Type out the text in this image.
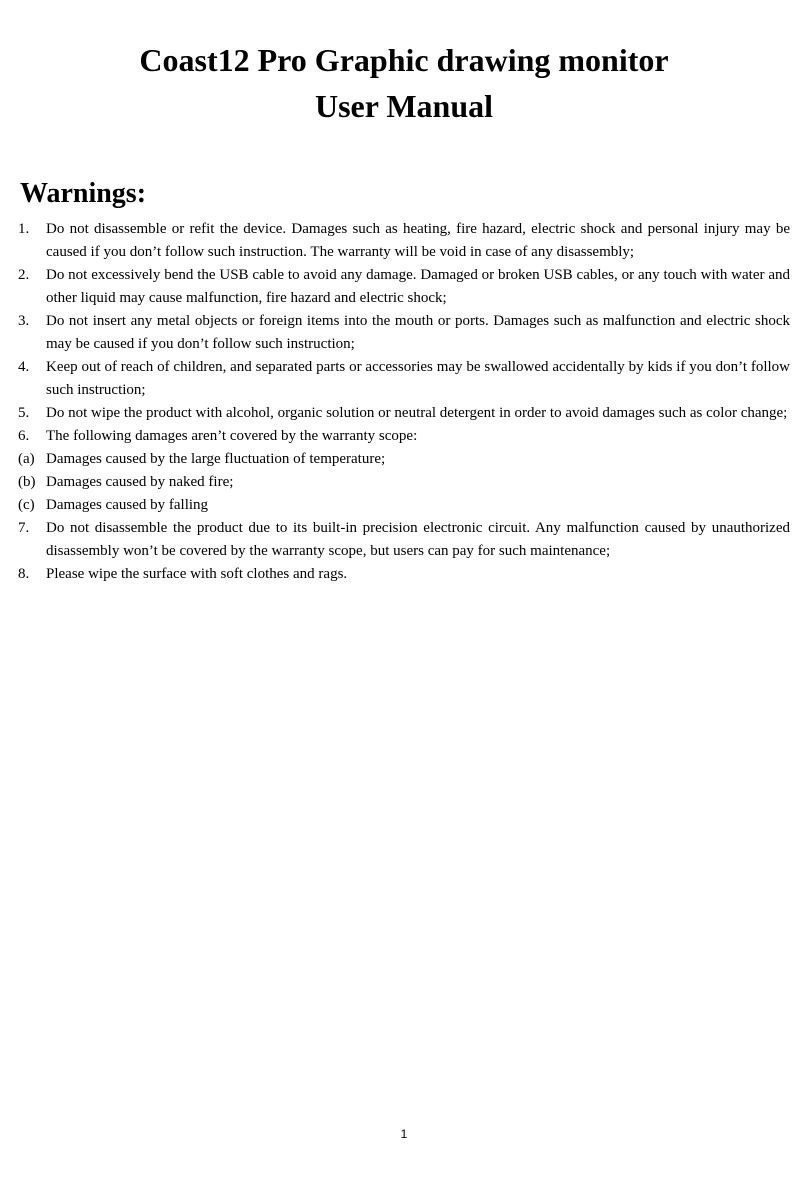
Coast12 Pro Graphic drawing monitor
User Manual
Warnings:
1. Do not disassemble or refit the device. Damages such as heating, fire hazard, electric shock and personal injury may be caused if you don’t follow such instruction. The warranty will be void in case of any disassembly;
2. Do not excessively bend the USB cable to avoid any damage. Damaged or broken USB cables, or any touch with water and other liquid may cause malfunction, fire hazard and electric shock;
3. Do not insert any metal objects or foreign items into the mouth or ports. Damages such as malfunction and electric shock may be caused if you don’t follow such instruction;
4. Keep out of reach of children, and separated parts or accessories may be swallowed accidentally by kids if you don’t follow such instruction;
5. Do not wipe the product with alcohol, organic solution or neutral detergent in order to avoid damages such as color change;
6. The following damages aren’t covered by the warranty scope:
(a) Damages caused by the large fluctuation of temperature;
(b) Damages caused by naked fire;
(c) Damages caused by falling
7. Do not disassemble the product due to its built-in precision electronic circuit. Any malfunction caused by unauthorized disassembly won’t be covered by the warranty scope, but users can pay for such maintenance;
8. Please wipe the surface with soft clothes and rags.
1
